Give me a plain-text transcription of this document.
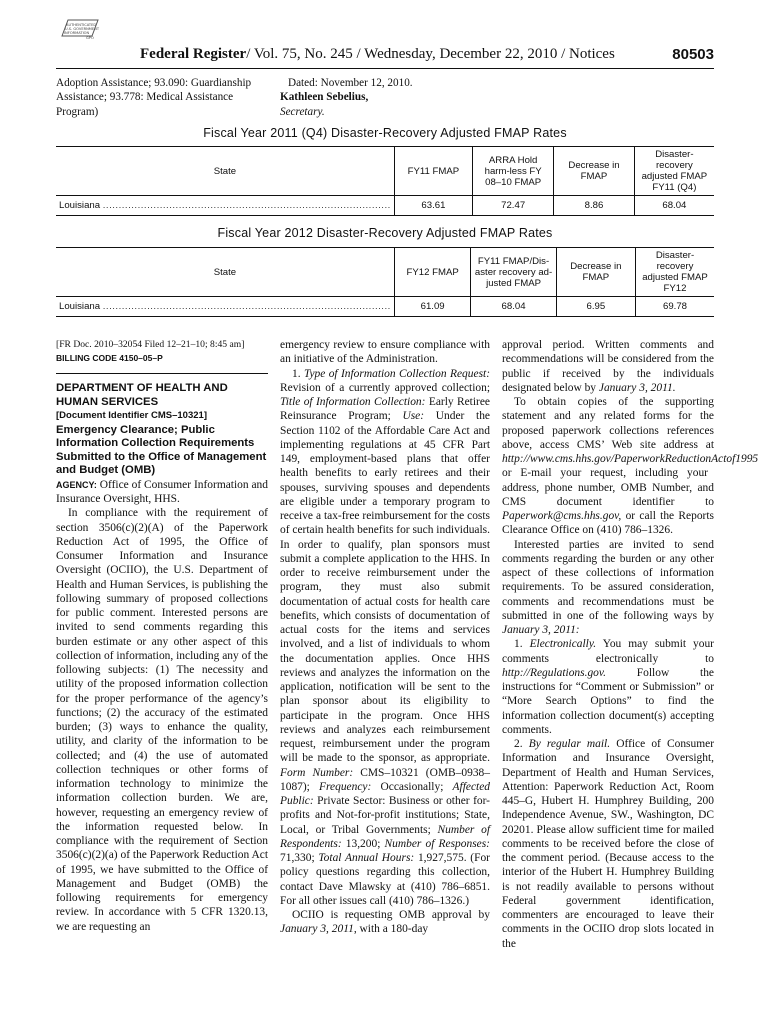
AUTHENTICATED
U.S. GOVERNMENT
INFORMATION
GPO
Federal Register/ Vol. 75, No. 245 / Wednesday, December 22, 2010 / Notices	80503
Adoption Assistance; 93.090: Guardianship Assistance; 93.778: Medical Assistance Program)
Dated: November 12, 2010.
Kathleen Sebelius,
Secretary.
Fiscal Year 2011 (Q4) Disaster-Recovery Adjusted FMAP Rates
State	FY11 FMAP	ARRA Hold harm-less FY 08–10 FMAP	Decrease in FMAP	Disaster-recovery adjusted FMAP FY11 (Q4)
Louisiana ...........................................................................................	63.61	72.47	8.86	68.04
Fiscal Year 2012 Disaster-Recovery Adjusted FMAP Rates
State	FY12 FMAP	FY11 FMAP/Dis-aster recovery ad-justed FMAP	Decrease in FMAP	Disaster-recovery adjusted FMAP FY12
Louisiana ...........................................................................................	61.09	68.04	6.95	69.78

[FR Doc. 2010–32054 Filed 12–21–10; 8:45 am]

BILLING CODE 4150–05–P

DEPARTMENT OF HEALTH AND HUMAN SERVICES

[Document Identifier CMS–10321]

Emergency Clearance; Public Information Collection Requirements Submitted to the Office of Management and Budget (OMB)

AGENCY: Office of Consumer Information and Insurance Oversight, HHS.

In compliance with the requirement of section 3506(c)(2)(A) of the Paperwork Reduction Act of 1995, the Office of Consumer Information and Insurance Oversight (OCIIO), the U.S. Department of Health and Human Services, is publishing the following summary of proposed collections for public comment. Interested persons are invited to send comments regarding this burden estimate or any other aspect of this collection of information, including any of the following subjects: (1) The necessity and utility of the proposed information collection for the proper performance of the agency’s functions; (2) the accuracy of the estimated burden; (3) ways to enhance the quality, utility, and clarity of the information to be collected; and (4) the use of automated collection techniques or other forms of information technology to minimize the information collection burden. We are, however, requesting an emergency review of the information requested below. In compliance with the requirement of Section 3506(c)(2)(a) of the Paperwork Reduction Act of 1995, we have submitted to the Office of Management and Budget (OMB) the following requirements for emergency review. In accordance with 5 CFR 1320.13, we are requesting an

emergency review to ensure compliance with an initiative of the Administration.

1. Type of Information Collection Request: Revision of a currently approved collection; Title of Information Collection: Early Retiree Reinsurance Program; Use: Under the Section 1102 of the Affordable Care Act and implementing regulations at 45 CFR Part 149, employment-based plans that offer health benefits to early retirees and their spouses, surviving spouses and dependents are eligible under a temporary program to receive a tax-free reimbursement for the costs of certain health benefits for such individuals. In order to qualify, plan sponsors must submit a complete application to the HHS. In order to receive reimbursement under the program, they must also submit documentation of actual costs for health care benefits, which consists of documentation of actual costs for the items and services involved, and a list of individuals to whom the documentation applies. Once HHS reviews and analyzes the information on the application, notification will be sent to the plan sponsor about its eligibility to participate in the program. Once HHS reviews and analyzes each reimbursement request, reimbursement under the program will be made to the sponsor, as appropriate. Form Number: CMS–10321 (OMB–0938–1087); Frequency: Occasionally; Affected Public: Private Sector: Business or other for-profits and Not-for-profit institutions; State, Local, or Tribal Governments; Number of Respondents: 13,200; Number of Responses: 71,330; Total Annual Hours: 1,927,575. (For policy questions regarding this collection, contact Dave Mlawsky at (410) 786–6851. For all other issues call (410) 786–1326.)

OCIIO is requesting OMB approval by January 3, 2011, with a 180-day

approval period. Written comments and recommendations will be considered from the public if received by the individuals designated below by January 3, 2011.

To obtain copies of the supporting statement and any related forms for the proposed paperwork collections references above, access CMS’ Web site address at http://www.cms.hhs.gov/PaperworkReductionActof1995 or E-mail your request, including your address, phone number, OMB Number, and CMS document identifier to Paperwork@cms.hhs.gov, or call the Reports Clearance Office on (410) 786–1326.

Interested parties are invited to send comments regarding the burden or any other aspect of these collections of information requirements. To be assured consideration, comments and recommendations must be submitted in one of the following ways by January 3, 2011:

1. Electronically. You may submit your comments electronically to http://Regulations.gov. Follow the instructions for “Comment or Submission” or “More Search Options” to find the information collection document(s) accepting comments.

2. By regular mail. Office of Consumer Information and Insurance Oversight, Department of Health and Human Services, Attention: Paperwork Reduction Act, Room 445–G, Hubert H. Humphrey Building, 200 Independence Avenue, SW., Washington, DC 20201. Please allow sufficient time for mailed comments to be received before the close of the comment period. (Because access to the interior of the Hubert H. Humphrey Building is not readily available to persons without Federal government identification, commenters are encouraged to leave their comments in the OCIIO drop slots located in the
